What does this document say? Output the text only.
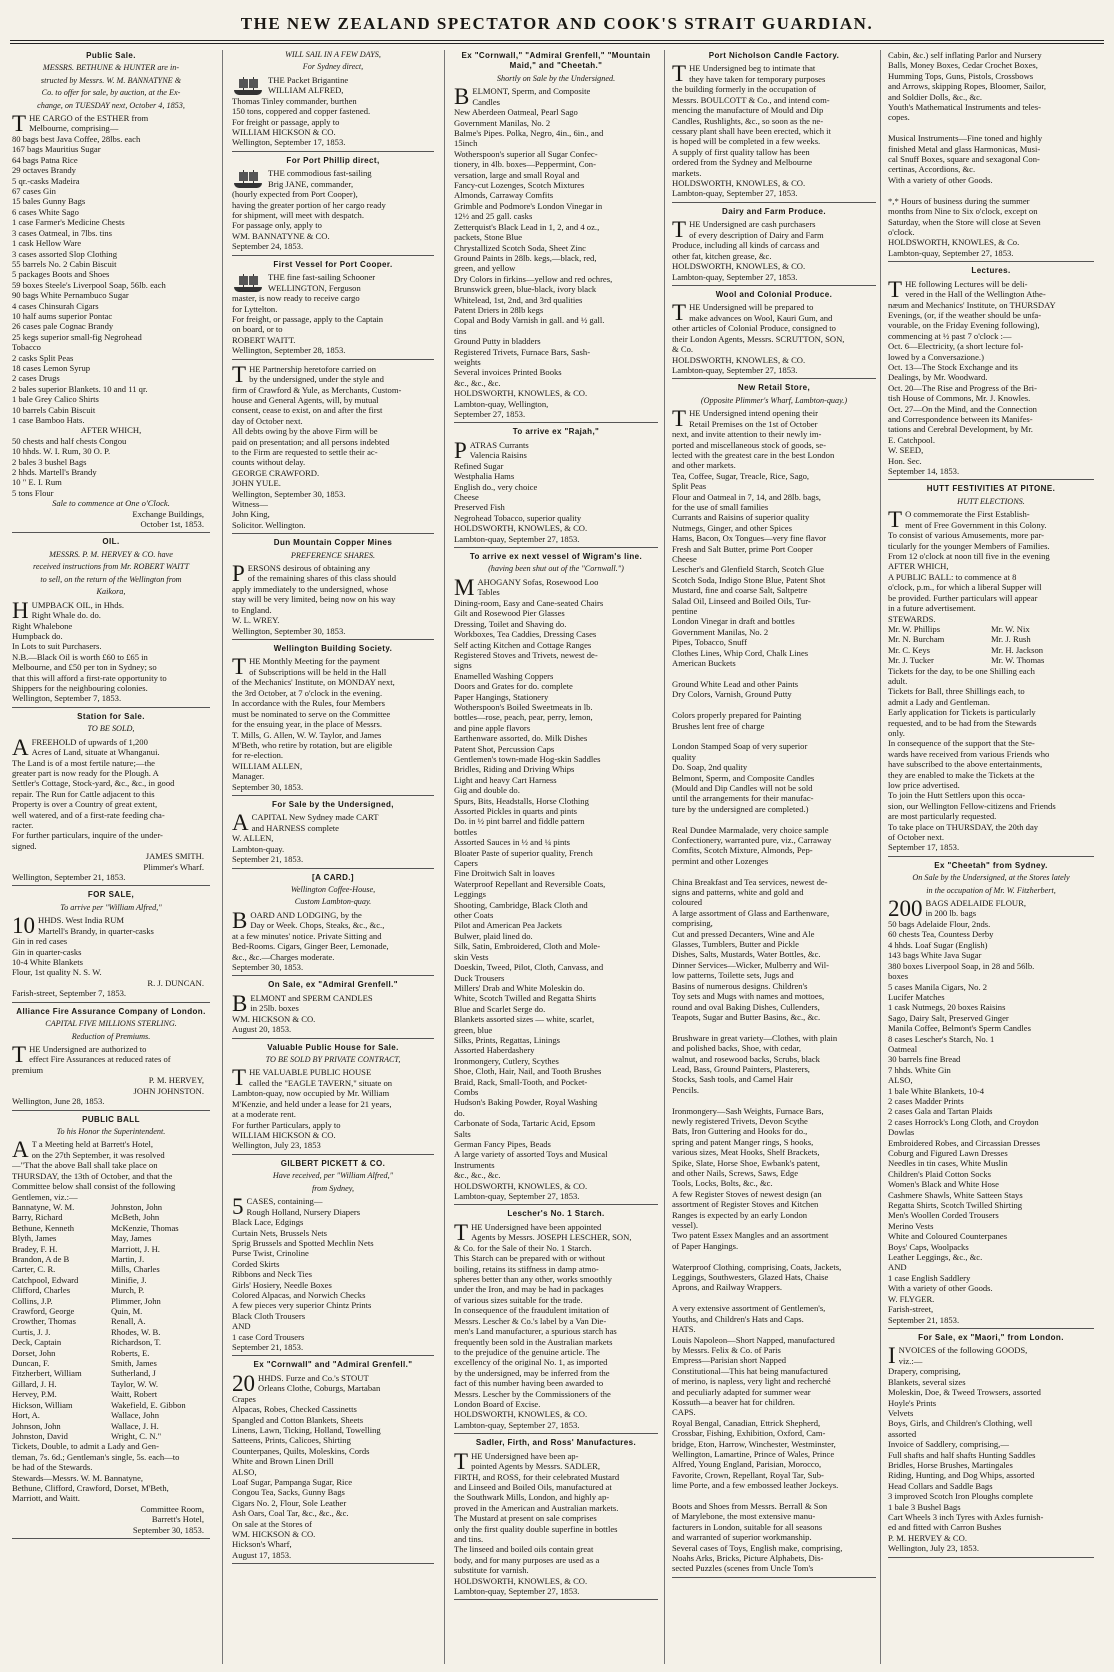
THE NEW ZEALAND SPECTATOR AND COOK'S STRAIT GUARDIAN.
Public Sale.
MESSRS. BETHUNE & HUNTER are in-
structed by Messrs. W. M. BANNATYNE &
Co. to offer for sale, by auction, at the Ex-
change, on TUESDAY next, October 4, 1853,
T HE CARGO of the ESTHER from
Melbourne, comprising—
80 bags best Java Coffee, 28lbs. each
167 bags Mauritius Sugar
64 bags Patna Rice
29 octaves Brandy
5 qr.-casks Madeira
67 cases Gin
15 bales Gunny Bags
6 cases White Sago
1 case Farmer's Medicine Chests
3 cases Oatmeal, in 7lbs. tins
1 cask Hellow Ware
3 cases assorted Slop Clothing
55 barrels No. 2 Cabin Biscuit
5 packages Boots and Shoes
59 boxes Steele's Liverpool Soap, 56lb. each
90 bags White Pernambuco Sugar
4 cases Chinsurah Cigars
10 half aums superior Pontac
26 cases pale Cognac Brandy
25 kegs superior small-fig Negrohead
Tobacco
2 casks Split Peas
18 cases Lemon Syrup
2 cases Drugs
2 bales superior Blankets. 10 and 11 qr.
1 bale Grey Calico Shirts
10 barrels Cabin Biscuit
1 case Bamboo Hats.
AFTER WHICH,
50 chests and half chests Congou
10 hhds. W. I. Rum, 30 O. P.
2 bales 3 bushel Bags
2 hhds. Martell's Brandy
10 " E. I. Rum
5 tons Flour
Sale to commence at One o'Clock.
Exchange Buildings,
October 1st, 1853.
OIL.
MESSRS. P. M. HERVEY & CO. have
received instructions from Mr. ROBERT WAITT
to sell, on the return of the Wellington from
Kaikora,
H UMPBACK OIL, in Hhds.
Right Whale do. do.
Right Whalebone
Humpback do.
In Lots to suit Purchasers.
N.B.—Black Oil is worth £60 to £65 in
Melbourne, and £50 per ton in Sydney; so
that this will afford a first-rate opportunity to
Shippers for the neighbouring colonies.
Wellington, September 7, 1853.
Station for Sale.
TO BE SOLD,
A FREEHOLD of upwards of 1,200
Acres of Land, situate at Whanganui.
The Land is of a most fertile nature;—the
greater part is now ready for the Plough. A
Settler's Cottage, Stock-yard, &c., &c., in good
repair. The Run for Cattle adjacent to this
Property is over a Country of great extent,
well watered, and of a first-rate feeding cha-
racter.
For further particulars, inquire of the under-
signed.
JAMES SMITH.
Plimmer's Wharf.
Wellington, September 21, 1853.
FOR SALE,
To arrive per "William Alfred,"
10 HHDS. West India RUM
Martell's Brandy, in quarter-casks
Gin in red cases
Gin in quarter-casks
10-4 White Blankets
Flour, 1st quality N. S. W.
R. J. DUNCAN.
Farish-street, September 7, 1853.
Alliance Fire Assurance Company of London.
CAPITAL FIVE MILLIONS STERLING.
Reduction of Premiums.
T HE Undersigned are authorized to
effect Fire Assurances at reduced rates of
premium
P. M. HERVEY,
JOHN JOHNSTON.
Wellington, June 28, 1853.
PUBLIC BALL
To his Honor the Superintendent.
A T a Meeting held at Barrett's Hotel,
on the 27th September, it was resolved
—"That the above Ball shall take place on
THURSDAY, the 13th of October, and that the
Committee below shall consist of the following
Gentlemen, viz.:—
Bannatyne, W. M.	Johnston, John
Barry, Richard	McBeth, John
Bethune, Kenneth	McKenzie, Thomas
Blyth, James	May, James
Bradey, F. H.	Marriott, J. H.
Brandon, A de B	Martin, J.
Carter, C. R.	Mills, Charles
Catchpool, Edward	Minifie, J.
Clifford, Charles	Murch, P.
Collins, J.P.	Plimmer, John
Crawford, George	Quin, M.
Crowther, Thomas	Renall, A.
Curtis, J. J.	Rhodes, W. B.
Deck, Captain	Richardson, T.
Dorset, John	Roberts, E.
Duncan, F.	Smith, James
Fitzherbert, William	Sutherland, J
Gillard, J. H.	Taylor, W. W.
Hervey, P.M.	Waitt, Robert
Hickson, William	Wakefield, E. Gibbon
Hort, A.	Wallace, John
Johnson, John	Wallace, J. H.
Johnston, David	Wright, C. N."
Tickets, Double, to admit a Lady and Gen-
tleman, 7s. 6d.; Gentleman's single, 5s. each—to
be had of the Stewards.
Stewards—Messrs. W. M. Bannatyne,
Bethune, Clifford, Crawford, Dorset, M'Beth,
Marriott, and Waitt.
Committee Room,
Barrett's Hotel,
September 30, 1853.
WILL SAIL IN A FEW DAYS,
For Sydney direct,
THE Packet Brigantine
WILLIAM ALFRED,
Thomas Tinley commander, burthen
150 tons, coppered and copper fastened.
For freight or passage, apply to
WILLIAM HICKSON & CO.
Wellington, September 17, 1853.
For Port Phillip direct,
THE commodious fast-sailing
Brig JANE, commander,
(hourly expected from Port Cooper),
having the greater portion of her cargo ready
for shipment, will meet with despatch.
For passage only, apply to
WM. BANNATYNE & CO.
September 24, 1853.
First Vessel for Port Cooper.
THE fine fast-sailing Schooner
WELLINGTON, Ferguson
master, is now ready to receive cargo
for Lyttelton.
For freight, or passage, apply to the Captain
on board, or to
ROBERT WAITT.
Wellington, September 28, 1853.
T HE Partnership heretofore carried on
by the undersigned, under the style and
firm of Crawford & Yule, as Merchants, Custom-
house and General Agents, will, by mutual
consent, cease to exist, on and after the first
day of October next.
All debts owing by the above Firm will be
paid on presentation; and all persons indebted
to the Firm are requested to settle their ac-
counts without delay.
GEORGE CRAWFORD.
JOHN YULE.
Wellington, September 30, 1853.
Witness—
John King,
Solicitor. Wellington.
Dun Mountain Copper Mines
PREFERENCE SHARES.
P ERSONS desirous of obtaining any
of the remaining shares of this class should
apply immediately to the undersigned, whose
stay will be very limited, being now on his way
to England.
W. L. WREY.
Wellington, September 30, 1853.
Wellington Building Society.
T HE Monthly Meeting for the payment
of Subscriptions will be held in the Hall
of the Mechanics' Institute, on MONDAY next,
the 3rd October, at 7 o'clock in the evening.
In accordance with the Rules, four Members
must be nominated to serve on the Committee
for the ensuing year, in the place of Messrs.
T. Mills, G. Allen, W. W. Taylor, and James
M'Beth, who retire by rotation, but are eligible
for re-election.
WILLIAM ALLEN,
Manager.
September 30, 1853.
For Sale by the Undersigned,
A CAPITAL New Sydney made CART
and HARNESS complete
W. ALLEN,
Lambton-quay.
September 21, 1853.
[A CARD.]
Wellington Coffee-House,
Custom Lambton-quay.
B OARD AND LODGING, by the
Day or Week. Chops, Steaks, &c., &c.,
at a few minutes' notice. Private Sitting and
Bed-Rooms. Cigars, Ginger Beer, Lemonade,
&c., &c.—Charges moderate.
September 30, 1853.
On Sale, ex "Admiral Grenfell."
B ELMONT and SPERM CANDLES
in 25lb. boxes
WM. HICKSON & CO.
August 20, 1853.
Valuable Public House for Sale.
TO BE SOLD BY PRIVATE CONTRACT,
T HE VALUABLE PUBLIC HOUSE
called the "EAGLE TAVERN," situate on
Lambton-quay, now occupied by Mr. William
M'Kenzie, and held under a lease for 21 years,
at a moderate rent.
For further Particulars, apply to
WILLIAM HICKSON & CO.
Wellington, July 23, 1853
GILBERT PICKETT & CO.
Have received, per "William Alfred,"
from Sydney,
5 CASES, containing—
Rough Holland, Nursery Diapers
Black Lace, Edgings
Curtain Nets, Brussels Nets
Sprig Brussels and Spotted Mechlin Nets
Purse Twist, Crinoline
Corded Skirts
Ribbons and Neck Ties
Girls' Hosiery, Needle Boxes
Colored Alpacas, and Norwich Checks
A few pieces very superior Chintz Prints
Black Cloth Trousers
AND
1 case Cord Trousers
September 21, 1853.
Ex "Cornwall" and "Admiral Grenfell."
20 HHDS. Furze and Co.'s STOUT
Orleans Clothe, Coburgs, Martaban
Crapes
Alpacas, Robes, Checked Cassinetts
Spangled and Cotton Blankets, Sheets
Linens, Lawn, Ticking, Holland, Towelling
Satteens, Prints, Calicoes, Shirting
Counterpanes, Quilts, Moleskins, Cords
White and Brown Linen Drill
ALSO,
Loaf Sugar, Pampanga Sugar, Rice
Congou Tea, Sacks, Gunny Bags
Cigars No. 2, Flour, Sole Leather
Ash Oars, Coal Tar, &c., &c., &c.
On sale at the Stores of
WM. HICKSON & CO.
Hickson's Wharf,
August 17, 1853.
Ex "Cornwall," "Admiral Grenfell," "Mountain Maid," and "Cheetah."
Shortly on Sale by the Undersigned.
B ELMONT, Sperm, and Composite
Candles
New Aberdeen Oatmeal, Pearl Sago
Government Manilas, No. 2
Balme's Pipes. Polka, Negro, 4in., 6in., and
15inch
Wotherspoon's superior all Sugar Confec-
tionery, in 4lb. boxes—Peppermint, Con-
versation, large and small Royal and
Fancy-cut Lozenges, Scotch Mixtures
Almonds, Carraway Comfits
Grimble and Podmore's London Vinegar in
12½ and 25 gall. casks
Zetterquist's Black Lead in 1, 2, and 4 oz.,
packets, Stone Blue
Chrystallized Scotch Soda, Sheet Zinc
Ground Paints in 28lb. kegs,—black, red,
green, and yellow
Dry Colors in firkins—yellow and red ochres,
Brunswick green, blue-black, ivory black
Whitelead, 1st, 2nd, and 3rd qualities
Patent Driers in 28lb kegs
Copal and Body Varnish in gall. and ½ gall.
tins
Ground Putty in bladders
Registered Trivets, Furnace Bars, Sash-
weights
Several invoices Printed Books
&c., &c., &c.
HOLDSWORTH, KNOWLES, & CO.
Lambton-quay, Wellington,
September 27, 1853.
To arrive ex "Rajah,"
P ATRAS Currants
Valencia Raisins
Refined Sugar
Westphalia Hams
English do., very choice
Cheese
Preserved Fish
Negrohead Tobacco, superior quality
HOLDSWORTH, KNOWLES, & CO.
Lambton-quay, September 27, 1853.
To arrive ex next vessel of Wigram's line.
(having been shut out of the "Cornwall.")
M AHOGANY Sofas, Rosewood Loo
Tables
Dining-room, Easy and Cane-seated Chairs
Gilt and Rosewood Pier Glasses
Dressing, Toilet and Shaving do.
Workboxes, Tea Caddies, Dressing Cases
Self acting Kitchen and Cottage Ranges
Registered Stoves and Trivets, newest de-
signs
Enamelled Washing Coppers
Doors and Grates for do. complete
Paper Hangings, Stationery
Wotherspoon's Boiled Sweetmeats in lb.
bottles—rose, peach, pear, perry, lemon,
and pine apple flavors
Earthenware assorted, do. Milk Dishes
Patent Shot, Percussion Caps
Gentlemen's town-made Hog-skin Saddles
Bridles, Riding and Driving Whips
Light and heavy Cart Harness
Gig and double do.
Spurs, Bits, Headstalls, Horse Clothing
Assorted Pickles in quarts and pints
Do. in ½ pint barrel and fiddle pattern
bottles
Assorted Sauces in ½ and ¼ pints
Bloater Paste of superior quality, French
Capers
Fine Droitwich Salt in loaves
Waterproof Repellant and Reversible Coats,
Leggings
Shooting, Cambridge, Black Cloth and
other Coats
Pilot and American Pea Jackets
Bulwer, plaid lined do.
Silk, Satin, Embroidered, Cloth and Mole-
skin Vests
Doeskin, Tweed, Pilot, Cloth, Canvass, and
Duck Trousers
Millers' Drab and White Moleskin do.
White, Scotch Twilled and Regatta Shirts
Blue and Scarlet Serge do.
Blankets assorted sizes — white, scarlet,
green, blue
Silks, Prints, Regattas, Linings
Assorted Haberdashery
Ironmongery, Cutlery, Scythes
Shoe, Cloth, Hair, Nail, and Tooth Brushes
Braid, Rack, Small-Tooth, and Pocket-
Combs
Hudson's Baking Powder, Royal Washing
do.
Carbonate of Soda, Tartaric Acid, Epsom
Salts
German Fancy Pipes, Beads
A large variety of assorted Toys and Musical
Instruments
&c., &c., &c.
HOLDSWORTH, KNOWLES, & CO.
Lambton-quay, September 27, 1853.
Lescher's No. 1 Starch.
T HE Undersigned have been appointed
Agents by Messrs. JOSEPH LESCHER, SON,
& Co. for the Sale of their No. 1 Starch.
This Starch can be prepared with or without
boiling, retains its stiffness in damp atmo-
spheres better than any other, works smoothly
under the Iron, and may be had in packages
of various sizes suitable for the trade.
In consequence of the fraudulent imitation of
Messrs. Lescher & Co.'s label by a Van Die-
men's Land manufacturer, a spurious starch has
frequently been sold in the Australian markets
to the prejudice of the genuine article. The
excellency of the original No. 1, as imported
by the undersigned, may be inferred from the
fact of this number having been awarded to
Messrs. Lescher by the Commissioners of the
London Board of Excise.
HOLDSWORTH, KNOWLES, & CO.
Lambton-quay, September 27, 1853.
Sadler, Firth, and Ross' Manufactures.
T HE Undersigned have been ap-
pointed Agents by Messrs. SADLER,
FIRTH, and ROSS, for their celebrated Mustard
and Linseed and Boiled Oils, manufactured at
the Southwark Mills, London, and highly ap-
proved in the American and Australian markets.
The Mustard at present on sale comprises
only the first quality double superfine in bottles
and tins.
The linseed and boiled oils contain great
body, and for many purposes are used as a
substitute for varnish.
HOLDSWORTH, KNOWLES, & CO.
Lambton-quay, September 27, 1853.
Port Nicholson Candle Factory.
T HE Undersigned beg to intimate that
they have taken for temporary purposes
the building formerly in the occupation of
Messrs. BOULCOTT & Co., and intend com-
mencing the manufacture of Mould and Dip
Candles, Rushlights, &c., so soon as the ne-
cessary plant shall have been erected, which it
is hoped will be completed in a few weeks.
A supply of first quality tallow has been
ordered from the Sydney and Melbourne
markets.
HOLDSWORTH, KNOWLES, & CO.
Lambton-quay, September 27, 1853.
Dairy and Farm Produce.
T HE Undersigned are cash purchasers
of every description of Dairy and Farm
Produce, including all kinds of carcass and
other fat, kitchen grease, &c.
HOLDSWORTH, KNOWLES, & CO.
Lambton-quay, September 27, 1853.
Wool and Colonial Produce.
T HE Undersigned will be prepared to
make advances on Wool, Kauri Gum, and
other articles of Colonial Produce, consigned to
their London Agents, Messrs. SCRUTTON, SON,
& Co.
HOLDSWORTH, KNOWLES, & CO.
Lambton-quay, September 27, 1853.
New Retail Store,
(Opposite Plimmer's Wharf, Lambton-quay.)
T HE Undersigned intend opening their
Retail Premises on the 1st of October
next, and invite attention to their newly im-
ported and miscellaneous stock of goods, se-
lected with the greatest care in the best London
and other markets.
Tea, Coffee, Sugar, Treacle, Rice, Sago,
Split Peas
Flour and Oatmeal in 7, 14, and 28lb. bags,
for the use of small families
Currants and Raisins of superior quality
Nutmegs, Ginger, and other Spices
Hams, Bacon, Ox Tongues—very fine flavor
Fresh and Salt Butter, prime Port Cooper
Cheese
Lescher's and Glenfield Starch, Scotch Glue
Scotch Soda, Indigo Stone Blue, Patent Shot
Mustard, fine and coarse Salt, Saltpetre
Salad Oil, Linseed and Boiled Oils, Tur-
pentine
London Vinegar in draft and bottles
Government Manilas, No. 2
Pipes, Tobacco, Snuff
Clothes Lines, Whip Cord, Chalk Lines
American Buckets

Ground White Lead and other Paints
Dry Colors, Varnish, Ground Putty

Colors properly prepared for Painting
Brushes lent free of charge

London Stamped Soap of very superior
quality
Do. Soap, 2nd quality
Belmont, Sperm, and Composite Candles
(Mould and Dip Candles will not be sold
until the arrangements for their manufac-
ture by the undersigned are completed.)

Real Dundee Marmalade, very choice sample
Confectionery, warranted pure, viz., Carraway
Comfits, Scotch Mixture, Almonds, Pep-
permint and other Lozenges

China Breakfast and Tea services, newest de-
signs and patterns, white and gold and
coloured
A large assortment of Glass and Earthenware,
comprising,
Cut and pressed Decanters, Wine and Ale
Glasses, Tumblers, Butter and Pickle
Dishes, Salts, Mustards, Water Bottles, &c.
Dinner Services—Wicker, Mulberry and Wil-
low patterns, Toilette sets, Jugs and
Basins of numerous designs. Children's
Toy sets and Mugs with names and mottoes,
round and oval Baking Dishes, Cullenders,
Teapots, Sugar and Butter Basins, &c., &c.

Brushware in great variety—Clothes, with plain
and polished backs, Shoe, with cedar,
walnut, and rosewood backs, Scrubs, black
Lead, Bass, Ground Painters, Plasterers,
Stocks, Sash tools, and Camel Hair
Pencils.

Ironmongery—Sash Weights, Furnace Bars,
newly registered Trivets, Devon Scythe
Bats, Iron Guttering and Hooks for do.,
spring and patent Manger rings, S hooks,
various sizes, Meat Hooks, Shelf Brackets,
Spike, Slate, Horse Shoe, Ewbank's patent,
and other Nails, Screws, Saws, Edge
Tools, Locks, Bolts, &c., &c.
A few Register Stoves of newest design (an
assortment of Register Stoves and Kitchen
Ranges is expected by an early London
vessel).
Two patent Essex Mangles and an assortment
of Paper Hangings.

Waterproof Clothing, comprising, Coats, Jackets,
Leggings, Southwesters, Glazed Hats, Chaise
Aprons, and Railway Wrappers.

A very extensive assortment of Gentlemen's,
Youths, and Children's Hats and Caps.
HATS.
Louis Napoleon—Short Napped, manufactured
by Messrs. Felix & Co. of Paris
Empress—Parisian short Napped
Constitutional—This hat being manufactured
of merino, is napless, very light and recherché
and peculiarly adapted for summer wear
Kossuth—a beaver hat for children.
CAPS.
Royal Bengal, Canadian, Ettrick Shepherd,
Crossbar, Fishing, Exhibition, Oxford, Cam-
bridge, Eton, Harrow, Winchester, Westminster,
Wellington, Lamartine, Prince of Wales, Prince
Alfred, Young England, Parisian, Morocco,
Favorite, Crown, Repellant, Royal Tar, Sub-
lime Porte, and a few embossed leather Jockeys.

Boots and Shoes from Messrs. Berrall & Son
of Marylebone, the most extensive manu-
facturers in London, suitable for all seasons
and warranted of superior workmanship.
Several cases of Toys, English make, comprising,
Noahs Arks, Bricks, Picture Alphabets, Dis-
sected Puzzles (scenes from Uncle Tom's
Cabin, &c.) self inflating Parlor and Nursery
Balls, Money Boxes, Cedar Crochet Boxes,
Humming Tops, Guns, Pistols, Crossbows
and Arrows, skipping Ropes, Bloomer, Sailor,
and Soldier Dolls, &c., &c.
Youth's Mathematical Instruments and teles-
copes.

Musical Instruments—Fine toned and highly
finished Metal and glass Harmonicas, Musi-
cal Snuff Boxes, square and sexagonal Con-
certinas, Accordions, &c.
With a variety of other Goods.

*,* Hours of business during the summer
months from Nine to Six o'clock, except on
Saturday, when the Store will close at Seven
o'clock.
HOLDSWORTH, KNOWLES, & Co.
Lambton-quay, September 27, 1853.
Lectures.
T HE following Lectures will be deli-
vered in the Hall of the Wellington Athe-
næum and Mechanics' Institute, on THURSDAY
Evenings, (or, if the weather should be unfa-
vourable, on the Friday Evening following),
commencing at ½ past 7 o'clock :—
Oct. 6—Electricity, (a short lecture fol-
lowed by a Conversazione.)
Oct. 13—The Stock Exchange and its
Dealings, by Mr. Woodward.
Oct. 20—The Rise and Progress of the Bri-
tish House of Commons, Mr. J. Knowles.
Oct. 27—On the Mind, and the Connection
and Correspondence between its Manifes-
tations and Cerebral Development, by Mr.
E. Catchpool.
W. SEED,
Hon. Sec.
September 14, 1853.
HUTT FESTIVITIES AT PITONE.
HUTT ELECTIONS.
T O commemorate the First Establish-
ment of Free Government in this Colony.
To consist of various Amusements, more par-
ticularly for the younger Members of Families.
From 12 o'clock at noon till five in the evening
AFTER WHICH,
A PUBLIC BALL: to commence at 8
o'clock, p.m., for which a liberal Supper will
be provided. Further particulars will appear
in a future advertisement.
STEWARDS.
Mr. W. Phillips	Mr. W. Nix
Mr. N. Burcham	Mr. J. Rush
Mr. C. Keys	Mr. H. Jackson
Mr. J. Tucker	Mr. W. Thomas
Tickets for the day, to be one Shilling each
adult.
Tickets for Ball, three Shillings each, to
admit a Lady and Gentleman.
Early application for Tickets is particularly
requested, and to be had from the Stewards
only.
In consequence of the support that the Ste-
wards have received from various Friends who
have subscribed to the above entertainments,
they are enabled to make the Tickets at the
low price advertised.
To join the Hutt Settlers upon this occa-
sion, our Wellington Fellow-citizens and Friends
are most particularly requested.
To take place on THURSDAY, the 20th day
of October next.
September 17, 1853.
Ex "Cheetah" from Sydney.
On Sale by the Undersigned, at the Stores lately
in the occupation of Mr. W. Fitzherbert,
200 BAGS ADELAIDE FLOUR,
in 200 lb. bags
50 bags Adelaide Flour, 2nds.
60 chests Tea, Countess Derby
4 hhds. Loaf Sugar (English)
143 bags White Java Sugar
380 boxes Liverpool Soap, in 28 and 56lb.
boxes
5 cases Manila Cigars, No. 2
Lucifer Matches
1 cask Nutmegs, 20 boxes Raisins
Sago, Dairy Salt, Preserved Ginger
Manila Coffee, Belmont's Sperm Candles
8 cases Lescher's Starch, No. 1
Oatmeal
30 barrels fine Bread
7 hhds. White Gin
ALSO,
1 bale White Blankets, 10-4
2 cases Madder Prints
2 cases Gala and Tartan Plaids
2 cases Horrock's Long Cloth, and Croydon
Dowlas
Embroidered Robes, and Circassian Dresses
Coburg and Figured Lawn Dresses
Needles in tin cases, White Muslin
Children's Plaid Cotton Socks
Women's Black and White Hose
Cashmere Shawls, White Satteen Stays
Regatta Shirts, Scotch Twilled Shirting
Men's Woollen Corded Trousers
Merino Vests
White and Coloured Counterpanes
Boys' Caps, Woolpacks
Leather Leggings, &c., &c.
AND
1 case English Saddlery
With a variety of other Goods.
W. FLYGER.
Farish-street,
September 21, 1853.
For Sale, ex "Maori," from London.
I NVOICES of the following GOODS,
viz.:—
Drapery, comprising,
Blankets, several sizes
Moleskin, Doe, & Tweed Trowsers, assorted
Hoyle's Prints
Velvets
Boys, Girls, and Children's Clothing, well
assorted
Invoice of Saddlery, comprising,—
Full shafts and half shafts Hunting Saddles
Bridles, Horse Brushes, Martingales
Riding, Hunting, and Dog Whips, assorted
Head Collars and Saddle Bags
3 improved Scotch Iron Ploughs complete
1 bale 3 Bushel Bags
Cart Wheels 3 inch Tyres with Axles furnish-
ed and fitted with Carron Bushes
P. M. HERVEY & CO.
Wellington, July 23, 1853.
